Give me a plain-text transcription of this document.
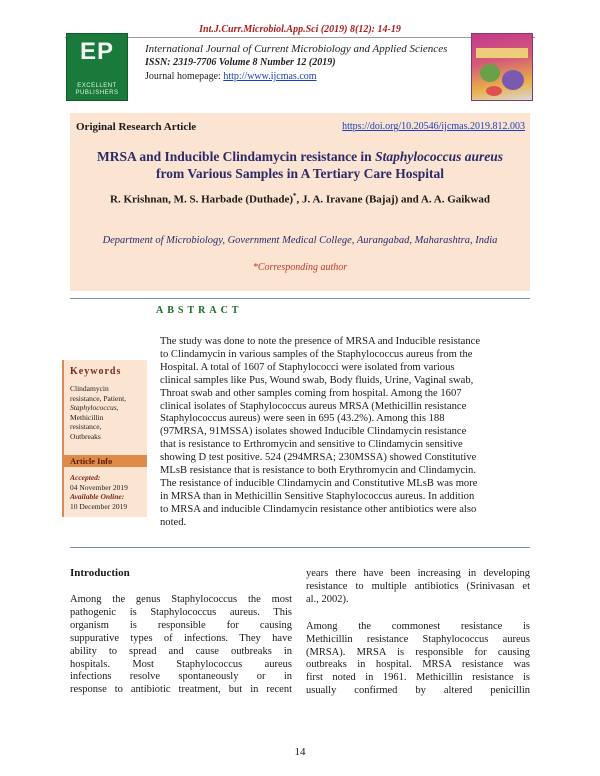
Int.J.Curr.Microbiol.App.Sci (2019) 8(12): 14-19
EP
EXCELLENT PUBLISHERS
International Journal of Current Microbiology and Applied Sciences
ISSN: 2319-7706 Volume 8 Number 12 (2019)
Journal homepage: http://www.ijcmas.com
Original Research Article	https://doi.org/10.20546/ijcmas.2019.812.003
MRSA and Inducible Clindamycin resistance in Staphylococcus aureus
from Various Samples in A Tertiary Care Hospital
R. Krishnan, M. S. Harbade (Duthade)*, J. A. Iravane (Bajaj) and A. A. Gaikwad
Department of Microbiology, Government Medical College, Aurangabad, Maharashtra, India
*Corresponding author
ABSTRACT
Keywords
Clindamycin
resistance, Patient,
Staphylococcus,
Methicillin
resistance,
Outbreaks
Article Info
Accepted:
04 November 2019
Available Online:
10 December 2019
The study was done to note the presence of MRSA and Inducible resistance
to Clindamycin in various samples of the Staphylococcus aureus from the
Hospital. A total of 1607 of Staphylococci were isolated from various
clinical samples like Pus, Wound swab, Body fluids, Urine, Vaginal swab,
Throat swab and other samples coming from hospital. Among the 1607
clinical isolates of Staphylococcus aureus MRSA (Methicillin resistance
Staphylococcus aureus) were seen in 695 (43.2%). Among this 188
(97MRSA, 91MSSA) isolates showed Inducible Clindamycin resistance
that is resistance to Erthromycin and sensitive to Clindamycin sensitive
showing D test positive. 524 (294MRSA; 230MSSA) showed Constitutive
MLsB resistance that is resistance to both Erythromycin and Clindamycin.
The resistance of inducible Clindamycin and Constitutive MLsB was more
in MRSA than in Methicillin Sensitive Staphylococcus aureus. In addition
to MRSA and inducible Clindamycin resistance other antibiotics were also
noted.
Introduction
Among the genus Staphylococcus the most
pathogenic is Staphylococcus aureus. This
organism is responsible for causing
suppurative types of infections. They have
ability to spread and cause outbreaks in
hospitals. Most Staphylococcus aureus
infections resolve spontaneously or in
response to antibiotic treatment, but in recent
years there have been increasing in developing
resistance to multiple antibiotics (Srinivasan et
al., 2002).
Among the commonest resistance is
Methicillin resistance Staphylococcus aureus
(MRSA). MRSA is responsible for causing
outbreaks in hospital. MRSA resistance was
first noted in 1961. Methicillin resistance is
usually confirmed by altered penicillin
14
